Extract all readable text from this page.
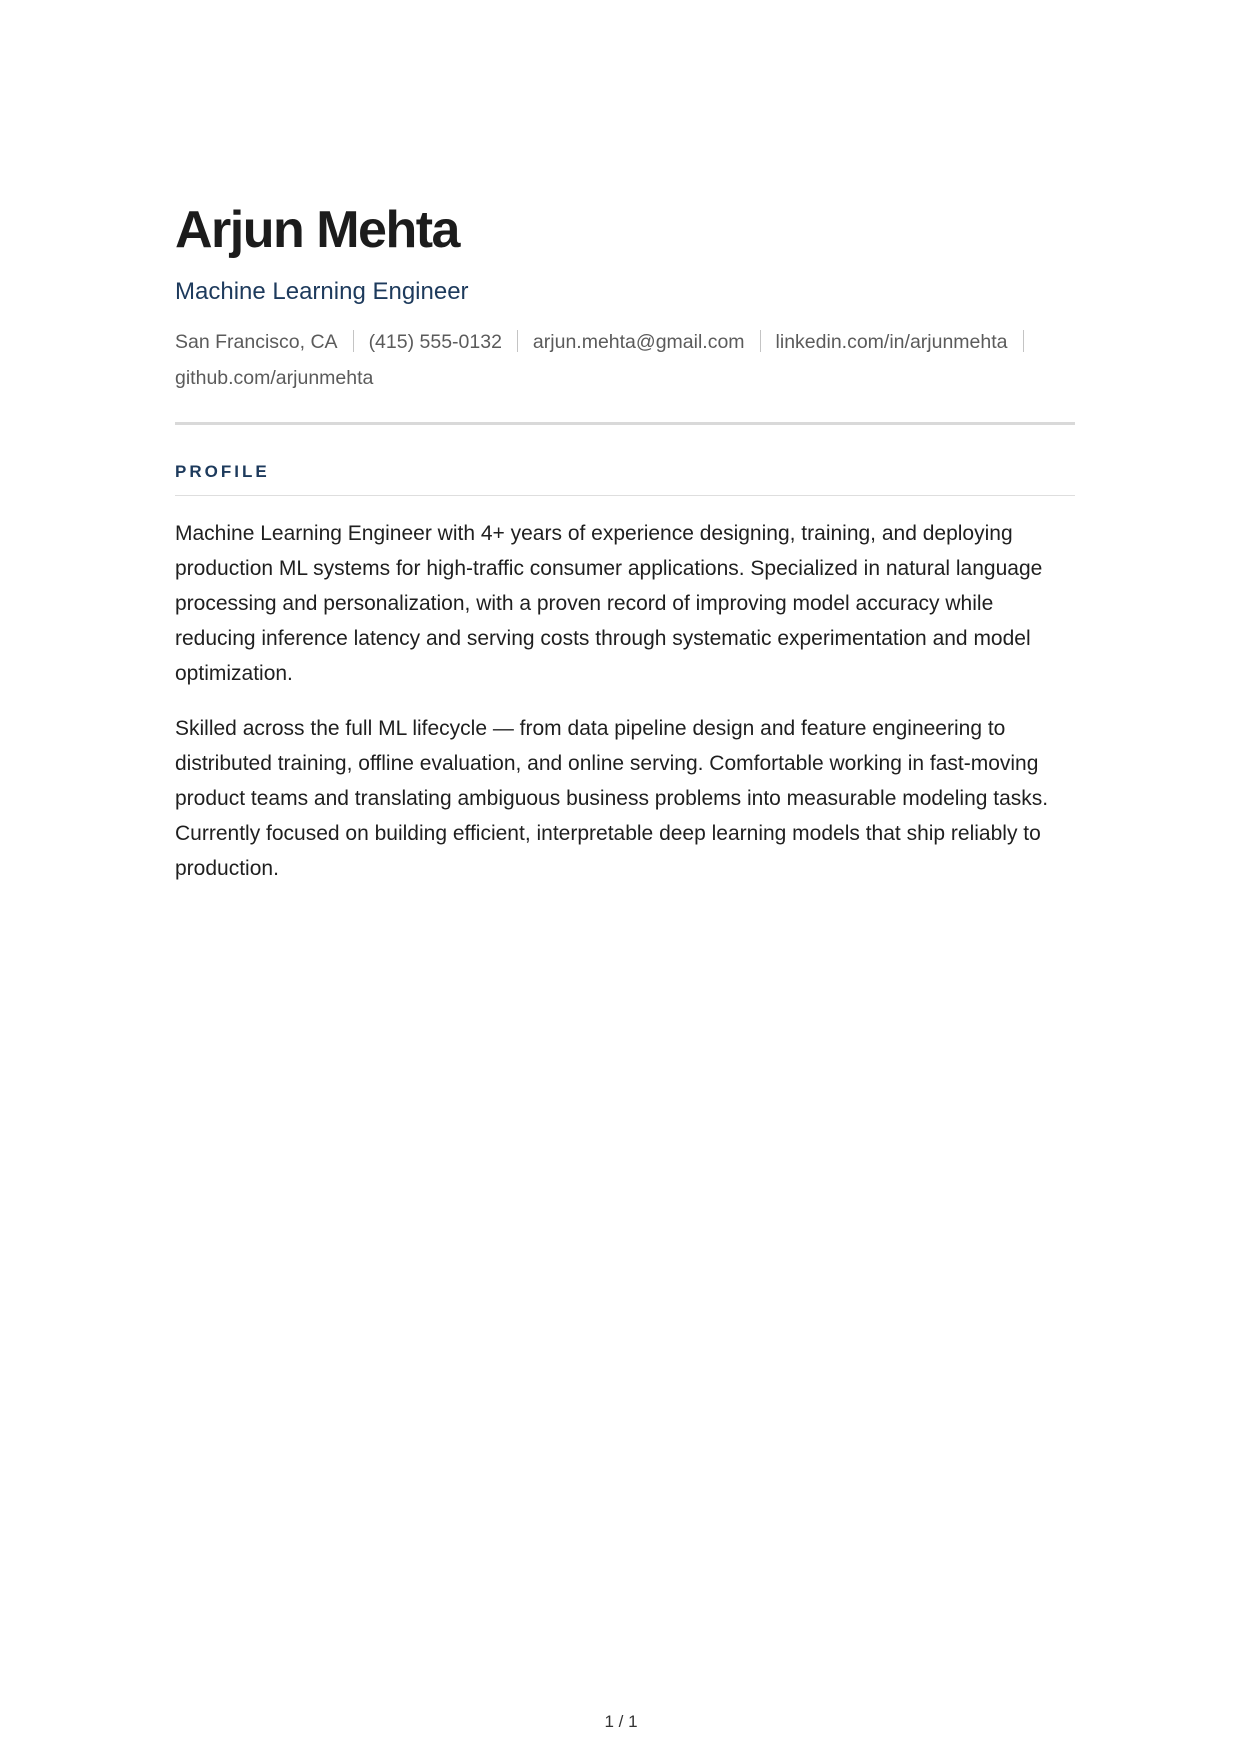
Arjun Mehta
Machine Learning Engineer
San Francisco, CA (415) 555-0132 arjun.mehta@gmail.com linkedin.com/in/arjunmehta
github.com/arjunmehta
PROFILE

Machine Learning Engineer with 4+ years of experience designing, training, and deploying production ML systems for high-traffic consumer applications. Specialized in natural language processing and personalization, with a proven record of improving model accuracy while reducing inference latency and serving costs through systematic experimentation and model optimization.

Skilled across the full ML lifecycle — from data pipeline design and feature engineering to distributed training, offline evaluation, and online serving. Comfortable working in fast-moving product teams and translating ambiguous business problems into measurable modeling tasks. Currently focused on building efficient, interpretable deep learning models that ship reliably to production.

1 / 1
